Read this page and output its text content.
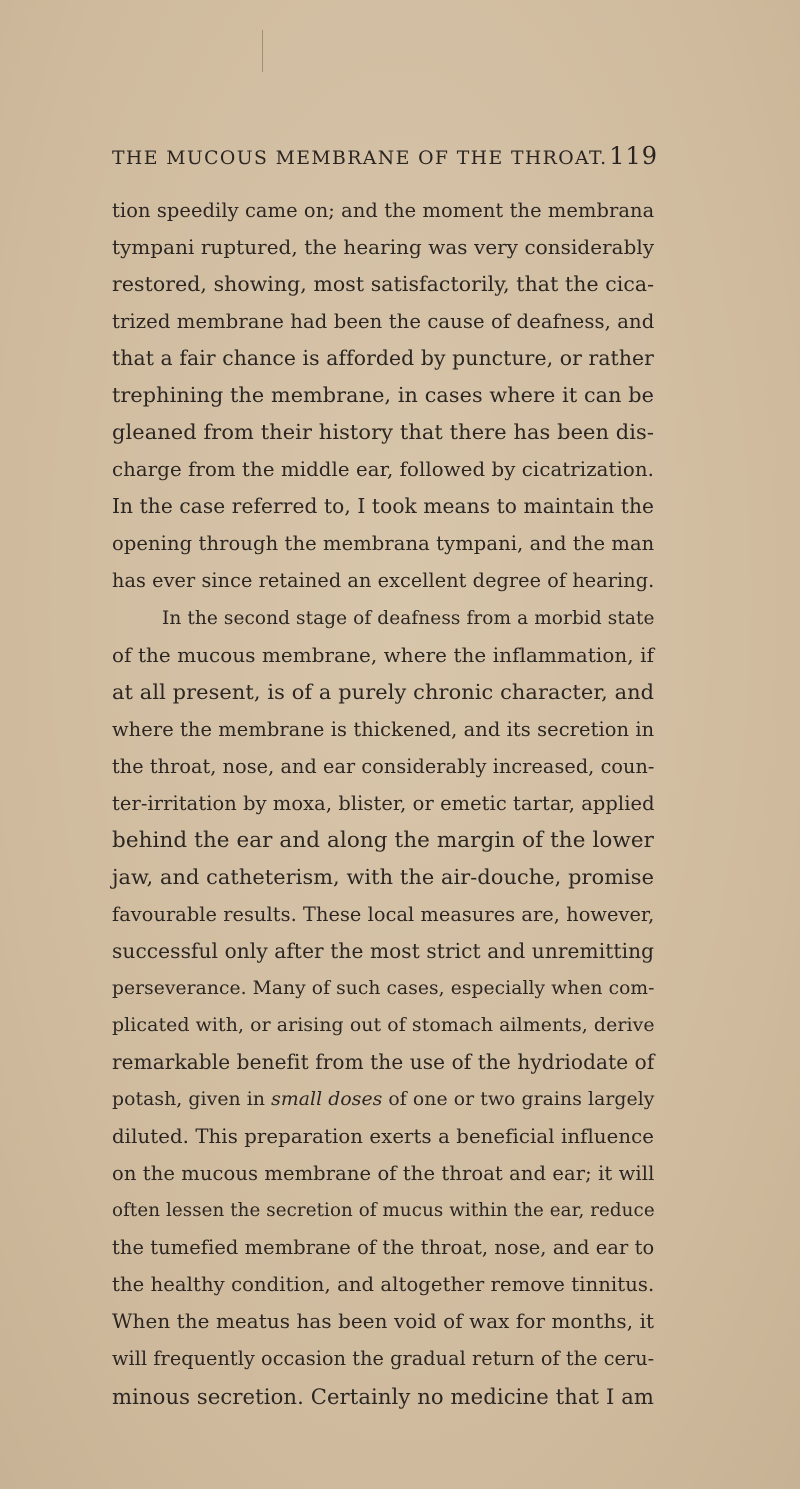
THE MUCOUS MEMBRANE OF THE THROAT. 119
tion speedily came on; and the moment the membrana
tympani ruptured, the hearing was very considerably
restored, showing, most satisfactorily, that the cica-
trized membrane had been the cause of deafness, and
that a fair chance is afforded by puncture, or rather
trephining the membrane, in cases where it can be
gleaned from their history that there has been dis-
charge from the middle ear, followed by cicatrization.
In the case referred to, I took means to maintain the
opening through the membrana tympani, and the man
has ever since retained an excellent degree of hearing.
In the second stage of deafness from a morbid state
of the mucous membrane, where the inflammation, if
at all present, is of a purely chronic character, and
where the membrane is thickened, and its secretion in
the throat, nose, and ear considerably increased, coun-
ter-irritation by moxa, blister, or emetic tartar, applied
behind the ear and along the margin of the lower
jaw, and catheterism, with the air-douche, promise
favourable results. These local measures are, however,
successful only after the most strict and unremitting
perseverance. Many of such cases, especially when com-
plicated with, or arising out of stomach ailments, derive
remarkable benefit from the use of the hydriodate of
potash, given in small doses of one or two grains largely
diluted. This preparation exerts a beneficial influence
on the mucous membrane of the throat and ear; it will
often lessen the secretion of mucus within the ear, reduce
the tumefied membrane of the throat, nose, and ear to
the healthy condition, and altogether remove tinnitus.
When the meatus has been void of wax for months, it
will frequently occasion the gradual return of the ceru-
minous secretion. Certainly no medicine that I am
